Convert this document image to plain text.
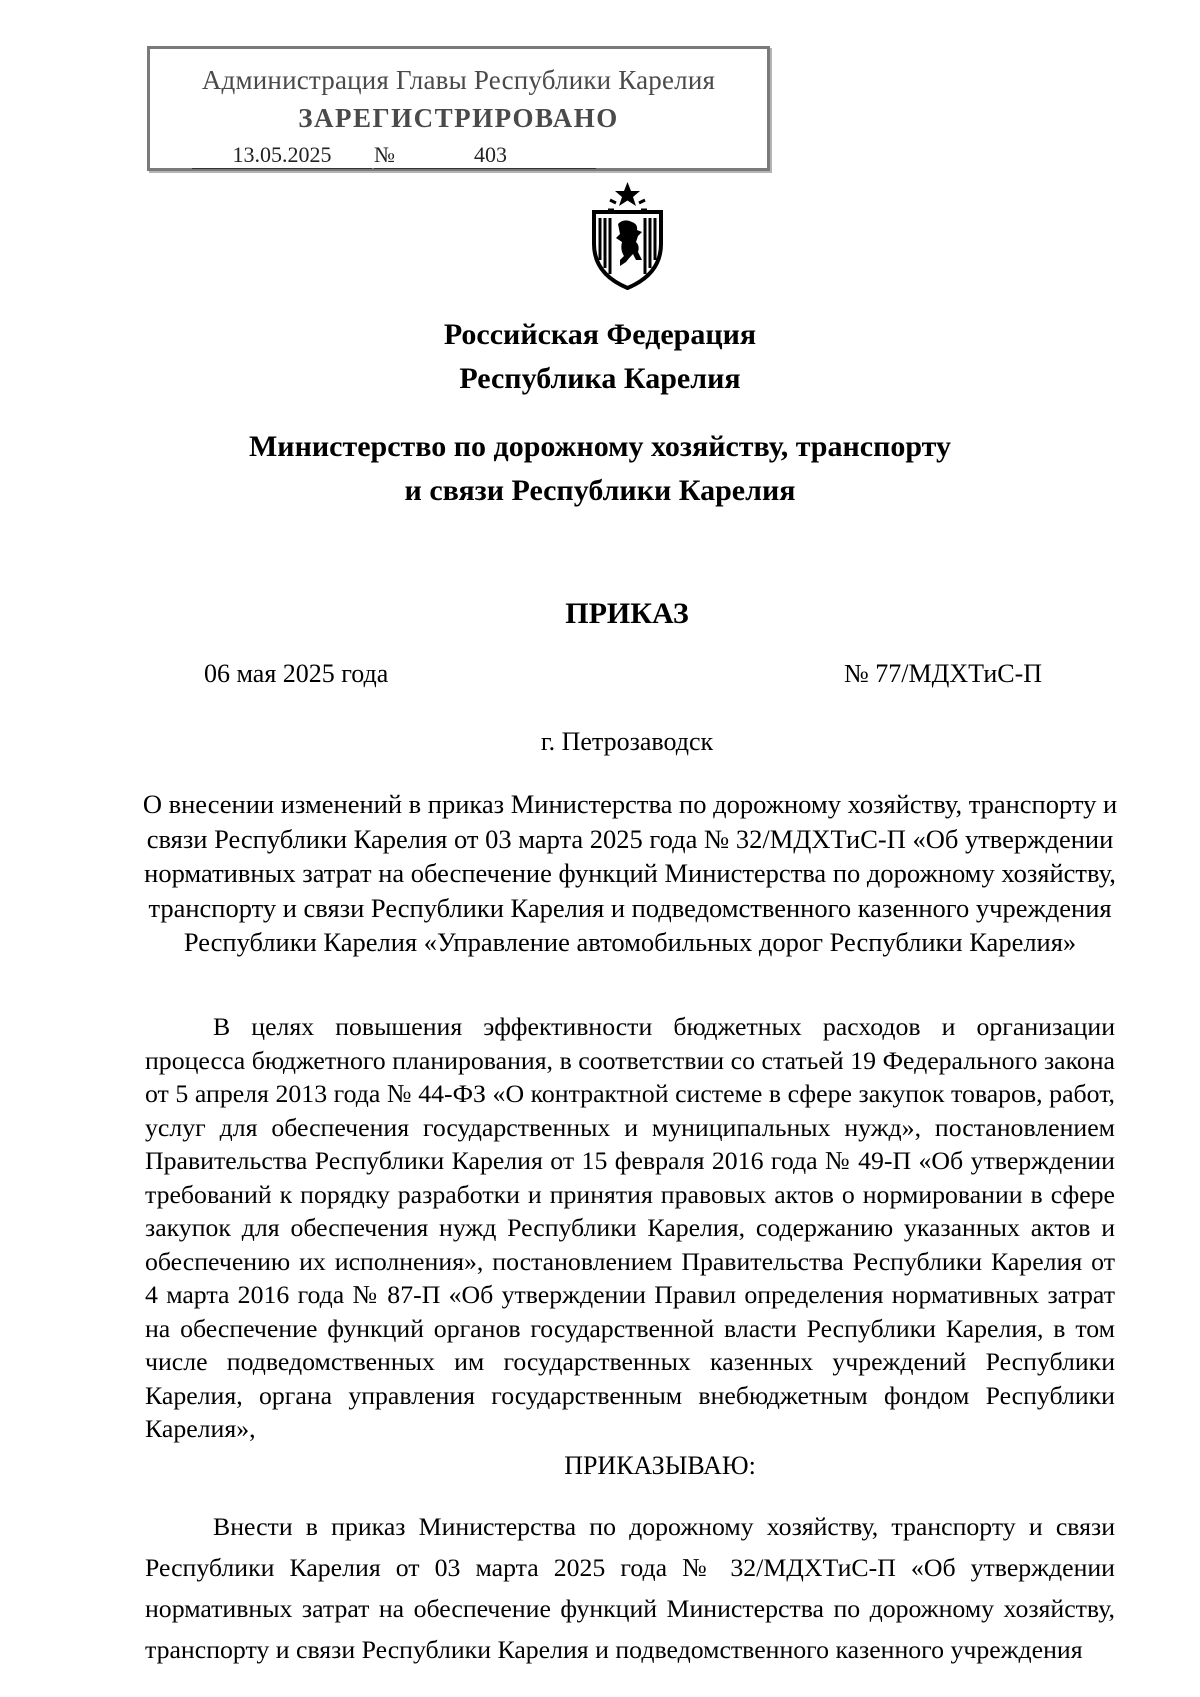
Администрация Главы Республики Карелия
ЗАРЕГИСТРИРОВАНО
13.05.2025	№	403
Российская Федерация
Республика Карелия
Министерство по дорожному хозяйству, транспорту
и связи Республики Карелия
ПРИКАЗ
06 мая 2025 года	№ 77/МДХТиС-П
г. Петрозаводск
О внесении изменений в приказ Министерства по дорожному хозяйству, транспорту и связи Республики Карелия от 03 марта 2025 года № 32/МДХТиС-П «Об утверждении нормативных затрат на обеспечение функций Министерства по дорожному хозяйству, транспорту и связи Республики Карелия и подведомственного казенного учреждения Республики Карелия «Управление автомобильных дорог Республики Карелия»
В целях повышения эффективности бюджетных расходов и организации процесса бюджетного планирования, в соответствии со статьей 19 Федерального закона от 5 апреля 2013 года № 44-ФЗ «О контрактной системе в сфере закупок товаров, работ, услуг для обеспечения государственных и муниципальных нужд», постановлением Правительства Республики Карелия от 15 февраля 2016 года № 49-П «Об утверждении требований к порядку разработки и принятия правовых актов о нормировании в сфере закупок для обеспечения нужд Республики Карелия, содержанию указанных актов и обеспечению их исполнения», постановлением Правительства Республики Карелия от 4 марта 2016 года № 87-П «Об утверждении Правил определения нормативных затрат на обеспечение функций органов государственной власти Республики Карелия, в том числе подведомственных им государственных казенных учреждений Республики Карелия, органа управления государственным внебюджетным фондом Республики Карелия»,
ПРИКАЗЫВАЮ:
Внести в приказ Министерства по дорожному хозяйству, транспорту и связи Республики Карелия от 03 марта 2025 года № 32/МДХТиС-П «Об утверждении нормативных затрат на обеспечение функций Министерства по дорожному хозяйству, транспорту и связи Республики Карелия и подведомственного казенного учреждения
